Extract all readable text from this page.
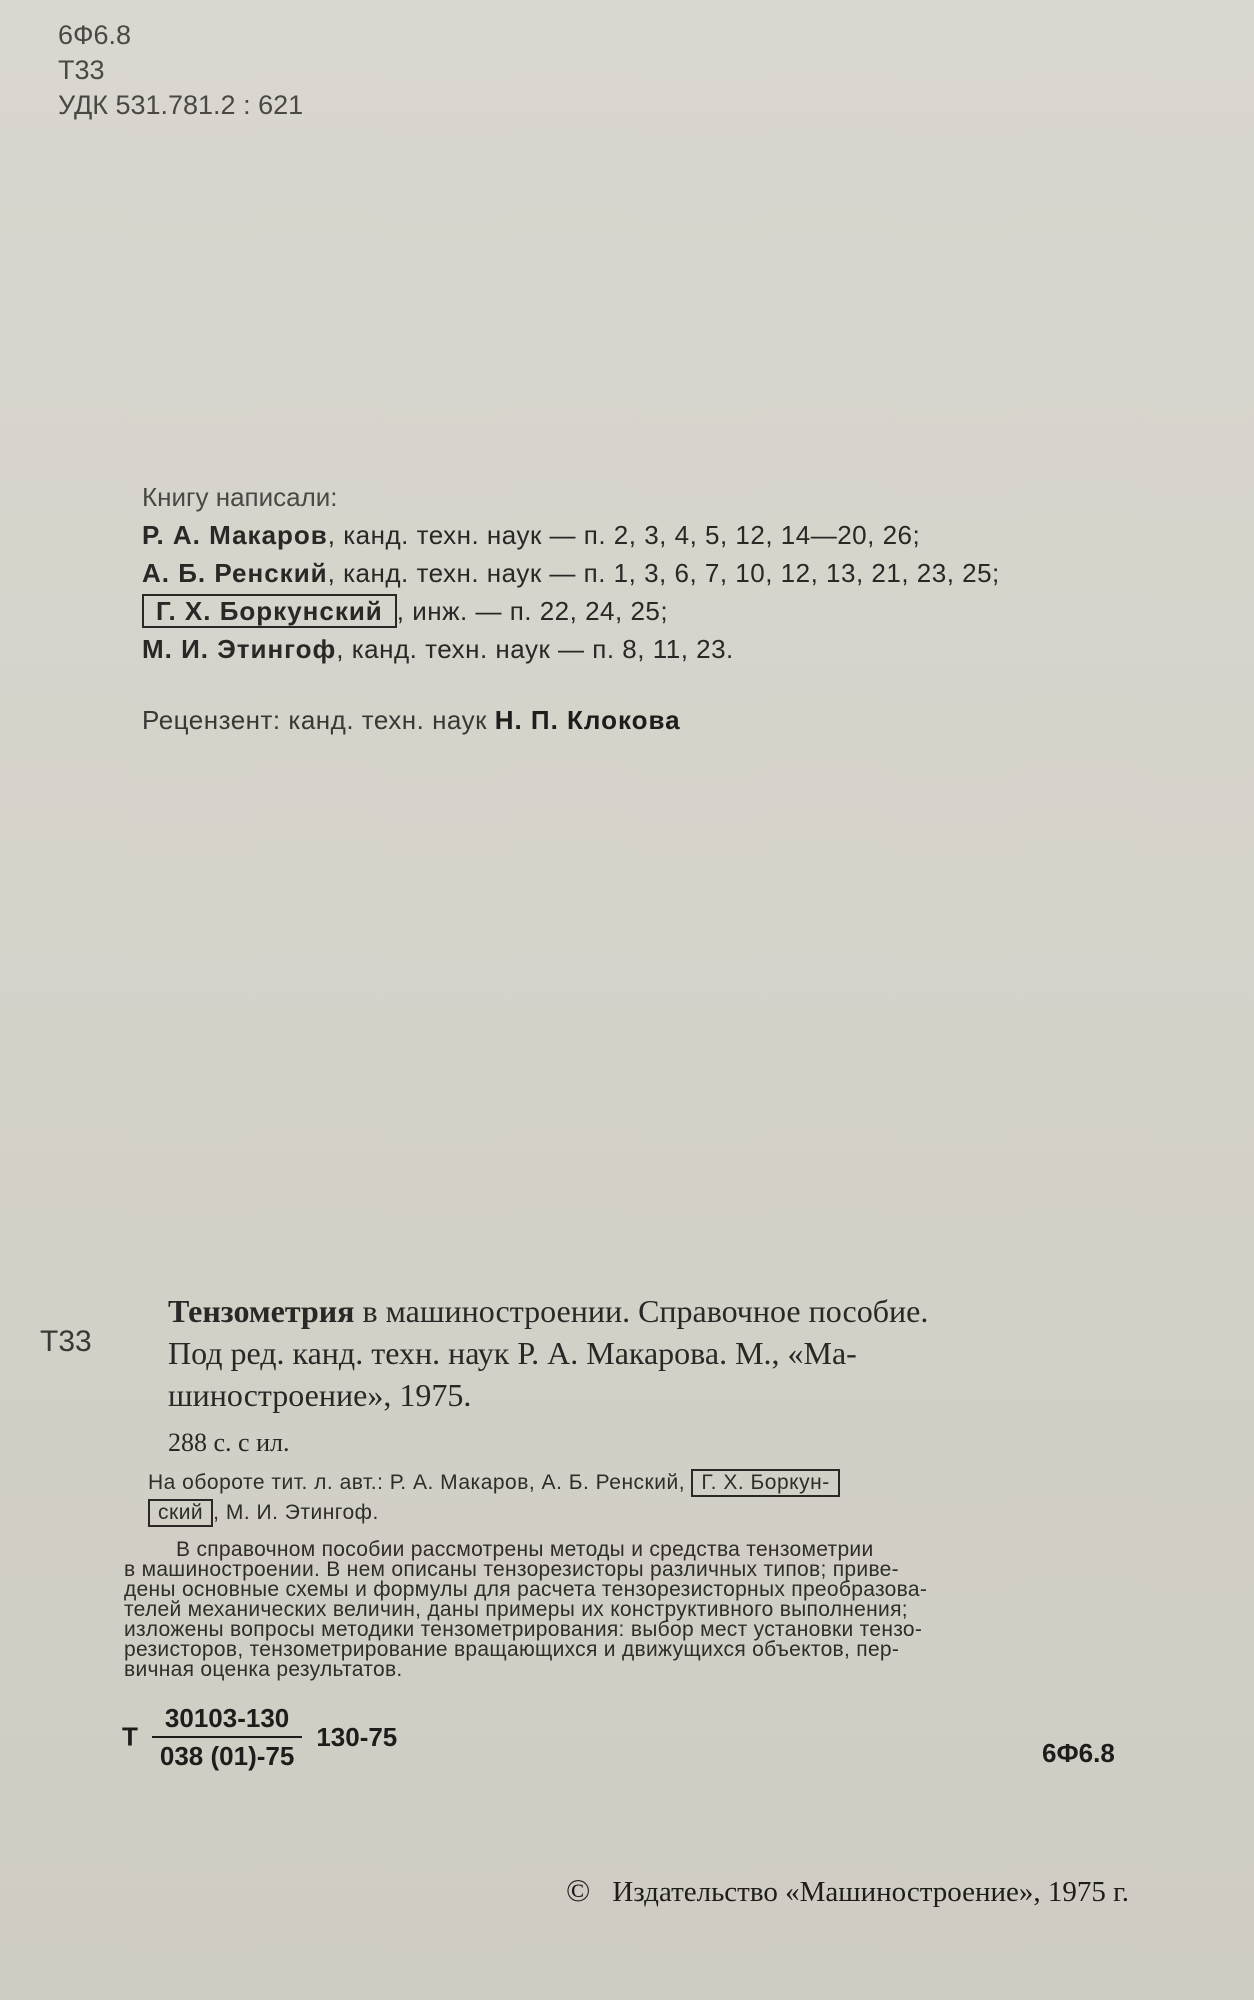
6Ф6.8
Т33
УДК 531.781.2 : 621
Книгу написали:
Р. А. Макаров, канд. техн. наук — п. 2, 3, 4, 5, 12, 14—20, 26;
А. Б. Ренский, канд. техн. наук — п. 1, 3, 6, 7, 10, 12, 13, 21, 23, 25;
Г. Х. Боркунский , инж. — п. 22, 24, 25;
М. И. Этингоф, канд. техн. наук — п. 8, 11, 23.
Рецензент: канд. техн. наук Н. П. Клокова
Т33
Тензометрия в машиностроении. Справочное пособие.
Под ред. канд. техн. наук Р. А. Макарова. М., «Ма-
шиностроение», 1975.
288 с. с ил.
На обороте тит. л. авт.: Р. А. Макаров, А. Б. Ренский, Г. Х. Боркун-
ский , М. И. Этингоф.
В справочном пособии рассмотрены методы и средства тензометрии
в машиностроении. В нем описаны тензорезисторы различных типов; приве-
дены основные схемы и формулы для расчета тензорезисторных преобразова-
телей механических величин, даны примеры их конструктивного выполнения;
изложены вопросы методики тензометрирования: выбор мест установки тензо-
резисторов, тензометрирование вращающихся и движущихся объектов, пер-
вичная оценка результатов.
Т $\frac{30103-130}{038 (01)-75} 130-75$
6Ф6.8
© Издательство «Машиностроение», 1975 г.
